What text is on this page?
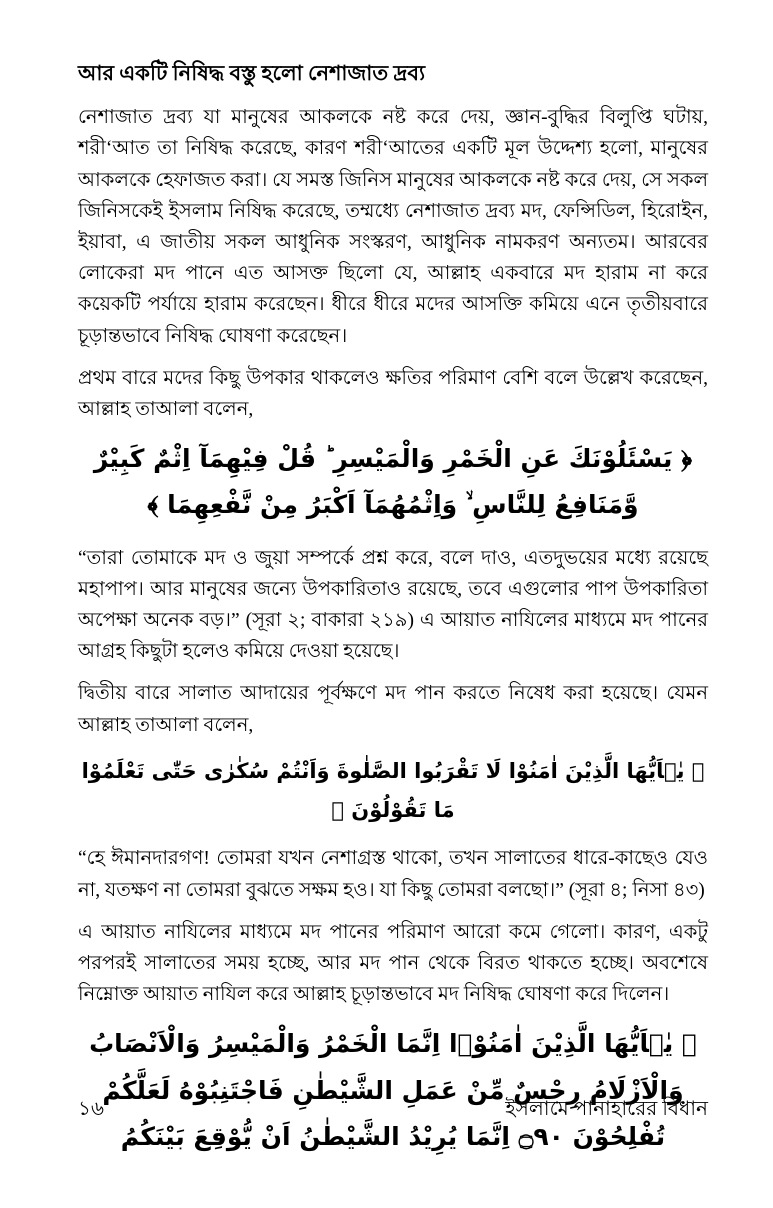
আর একটি নিষিদ্ধ বস্তু হলো নেশাজাত দ্রব্য

নেশাজাত দ্রব্য যা মানুষের আকলকে নষ্ট করে দেয়, জ্ঞান-বুদ্ধির বিলুপ্তি ঘটায়, শরী‘আত তা নিষিদ্ধ করেছে, কারণ শরী‘আতের একটি মূল উদ্দেশ্য হলো, মানুষের আকলকে হেফাজত করা। যে সমস্ত জিনিস মানুষের আকলকে নষ্ট করে দেয়, সে সকল জিনিসকেই ইসলাম নিষিদ্ধ করেছে, তম্মধ্যে নেশাজাত দ্রব্য মদ, ফেন্সিডিল, হিরোইন, ইয়াবা, এ জাতীয় সকল আধুনিক সংস্করণ, আধুনিক নামকরণ অন্যতম। আরবের লোকেরা মদ পানে এত আসক্ত ছিলো যে, আল্লাহ একবারে মদ হারাম না করে কয়েকটি পর্যায়ে হারাম করেছেন। ধীরে ধীরে মদের আসক্তি কমিয়ে এনে তৃতীয়বারে চূড়ান্তভাবে নিষিদ্ধ ঘোষণা করেছেন।

প্রথম বারে মদের কিছু উপকার থাকলেও ক্ষতির পরিমাণ বেশি বলে উল্লেখ করেছেন, আল্লাহ তাআলা বলেন,

﴿ يَسْئَلُوْنَكَ عَنِ الْخَمْرِ وَالْمَيْسِرِ ؕ قُلْ فِيْهِمَآ اِثْمٌ كَبِيْرٌ وَّمَنَافِعُ لِلنَّاسِ ۙ وَاِثْمُهُمَآ اَكْبَرُ مِنْ نَّفْعِهِمَا ﴾

“তারা তোমাকে মদ ও জুয়া সম্পর্কে প্রশ্ন করে, বলে দাও, এতদুভয়ের মধ্যে রয়েছে মহাপাপ। আর মানুষের জন্যে উপকারিতাও রয়েছে, তবে এগুলোর পাপ উপকারিতা অপেক্ষা অনেক বড়।” (সূরা ২; বাকারা ২১৯) এ আয়াত নাযিলের মাধ্যমে মদ পানের আগ্রহ কিছুটা হলেও কমিয়ে দেওয়া হয়েছে।

দ্বিতীয় বারে সালাত আদায়ের পূর্বক্ষণে মদ পান করতে নিষেধ করা হয়েছে। যেমন আল্লাহ তাআলা বলেন,

﴿ يٰۤاَيُّهَا الَّذِيْنَ اٰمَنُوْا لَا تَقْرَبُوا الصَّلٰوةَ وَاَنْتُمْ سُكٰرٰى حَتّٰى تَعْلَمُوْا مَا تَقُوْلُوْنَ ﴾

“হে ঈমানদারগণ! তোমরা যখন নেশাগ্রস্ত থাকো, তখন সালাতের ধারে-কাছেও যেও না, যতক্ষণ না তোমরা বুঝতে সক্ষম হও। যা কিছু তোমরা বলছো।” (সূরা ৪; নিসা ৪৩)

এ আয়াত নাযিলের মাধ্যমে মদ পানের পরিমাণ আরো কমে গেলো। কারণ, একটু পরপরই সালাতের সময় হচ্ছে, আর মদ পান থেকে বিরত থাকতে হচ্ছে। অবশেষে নিম্নোক্ত আয়াত নাযিল করে আল্লাহ চূড়ান্তভাবে মদ নিষিদ্ধ ঘোষণা করে দিলেন।

﴿ يٰۤاَيُّهَا الَّذِيْنَ اٰمَنُوْۤا اِنَّمَا الْخَمْرُ وَالْمَيْسِرُ وَالْاَنْصَابُ وَالْاَزْلَامُ رِجْسٌ مِّنْ عَمَلِ الشَّيْطٰنِ فَاجْتَنِبُوْهُ لَعَلَّكُمْ تُفْلِحُوْنَ ۝٩٠ اِنَّمَا يُرِيْدُ الشَّيْطٰنُ اَنْ يُّوْقِعَ بَيْنَكُمُ
১৬	ইসলামে পানাহারের বিধান
